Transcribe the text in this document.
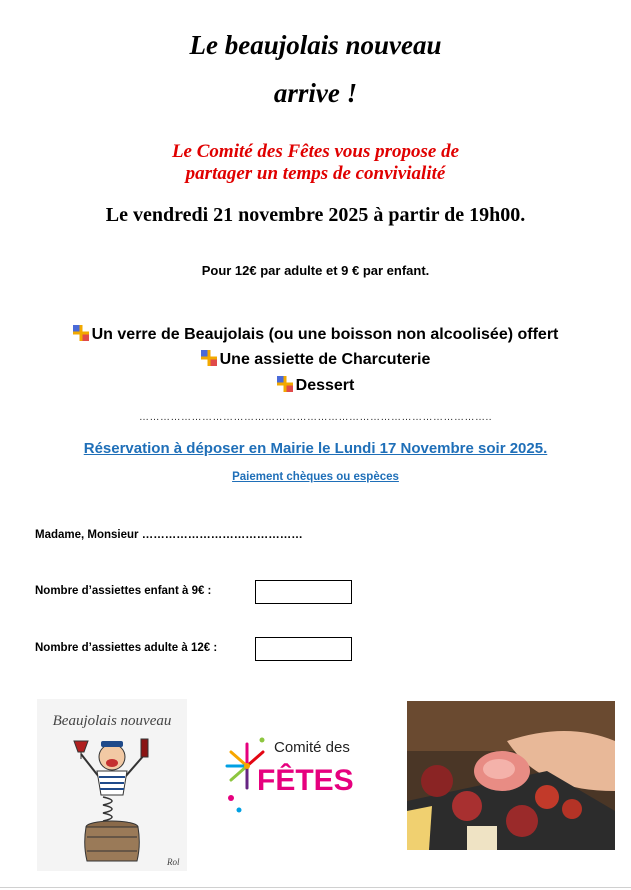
Le beaujolais nouveau
arrive !
Le Comité des Fêtes vous propose de
partager un temps de convivialité
Le vendredi 21 novembre 2025 à partir de 19h00.
Pour 12€ par adulte et 9 € par enfant.
Un verre de Beaujolais (ou une boisson non alcoolisée) offert
Une assiette de Charcuterie
Dessert
………………………………………………………………………………………..
Réservation à déposer en Mairie le Lundi 17 Novembre soir 2025.
Paiement chèques ou espèces
Madame, Monsieur ……………………………………
Nombre d’assiettes enfant à 9€ :
Nombre d’assiettes adulte à 12€ :
Beaujolais nouveau
Rol
Comité des
FÊTES
